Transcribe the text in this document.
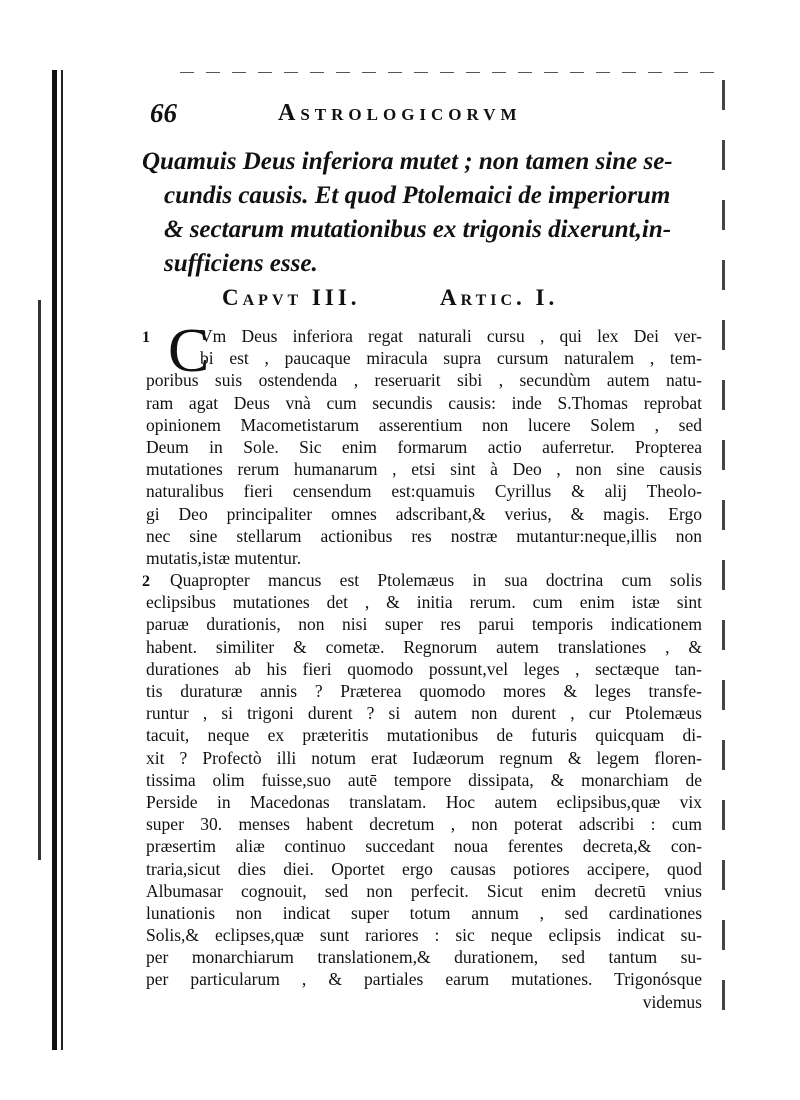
66	Astrologicorvm
Quamuis Deus inferiora mutet ; non tamen sine se-
cundis causis. Et quod Ptolemaici de imperiorum
& sectarum mutationibus ex trigonis dixerunt,in-
sufficiens esse.
Capvt III.	Artic. I.
1 C
Vm Deus inferiora regat naturali cursu , qui lex Dei ver-
bi est , paucaque miracula supra cursum naturalem , tem-
poribus suis ostendenda , reseruarit sibi , secundùm autem natu-
ram agat Deus vnà cum secundis causis: inde S.Thomas reprobat
opinionem Macometistarum asserentium non lucere Solem , sed
Deum in Sole. Sic enim formarum actio auferretur. Propterea
mutationes rerum humanarum , etsi sint à Deo , non sine causis
naturalibus fieri censendum est:quamuis Cyrillus & alij Theolo-
gi Deo principaliter omnes adscribant,& verius, & magis. Ergo
nec sine stellarum actionibus res nostræ mutantur:neque,illis non
mutatis,istæ mutentur.
2	Quapropter mancus est Ptolemæus in sua doctrina cum solis
eclipsibus mutationes det , & initia rerum. cum enim istæ sint
paruæ durationis, non nisi super res parui temporis indicationem
habent. similiter & cometæ. Regnorum autem translationes , &
durationes ab his fieri quomodo possunt,vel leges , sectæque tan-
tis duraturæ annis ? Præterea quomodo mores & leges transfe-
runtur , si trigoni durent ? si autem non durent , cur Ptolemæus
tacuit, neque ex præteritis mutationibus de futuris quicquam di-
xit ? Profectò illi notum erat Iudæorum regnum & legem floren-
tissima olim fuisse,suo autē tempore dissipata, & monarchiam de
Perside in Macedonas translatam. Hoc autem eclipsibus,quæ vix
super 30. menses habent decretum , non poterat adscribi : cum
præsertim aliæ continuo succedant noua ferentes decreta,& con-
traria,sicut dies diei. Oportet ergo causas potiores accipere, quod
Albumasar cognouit, sed non perfecit. Sicut enim decretū vnius
lunationis non indicat super totum annum , sed cardinationes
Solis,& eclipses,quæ sunt rariores : sic neque eclipsis indicat su-
per monarchiarum translationem,& durationem, sed tantum su-
per particularum , & partiales earum mutationes. Trigonósque
videmus
